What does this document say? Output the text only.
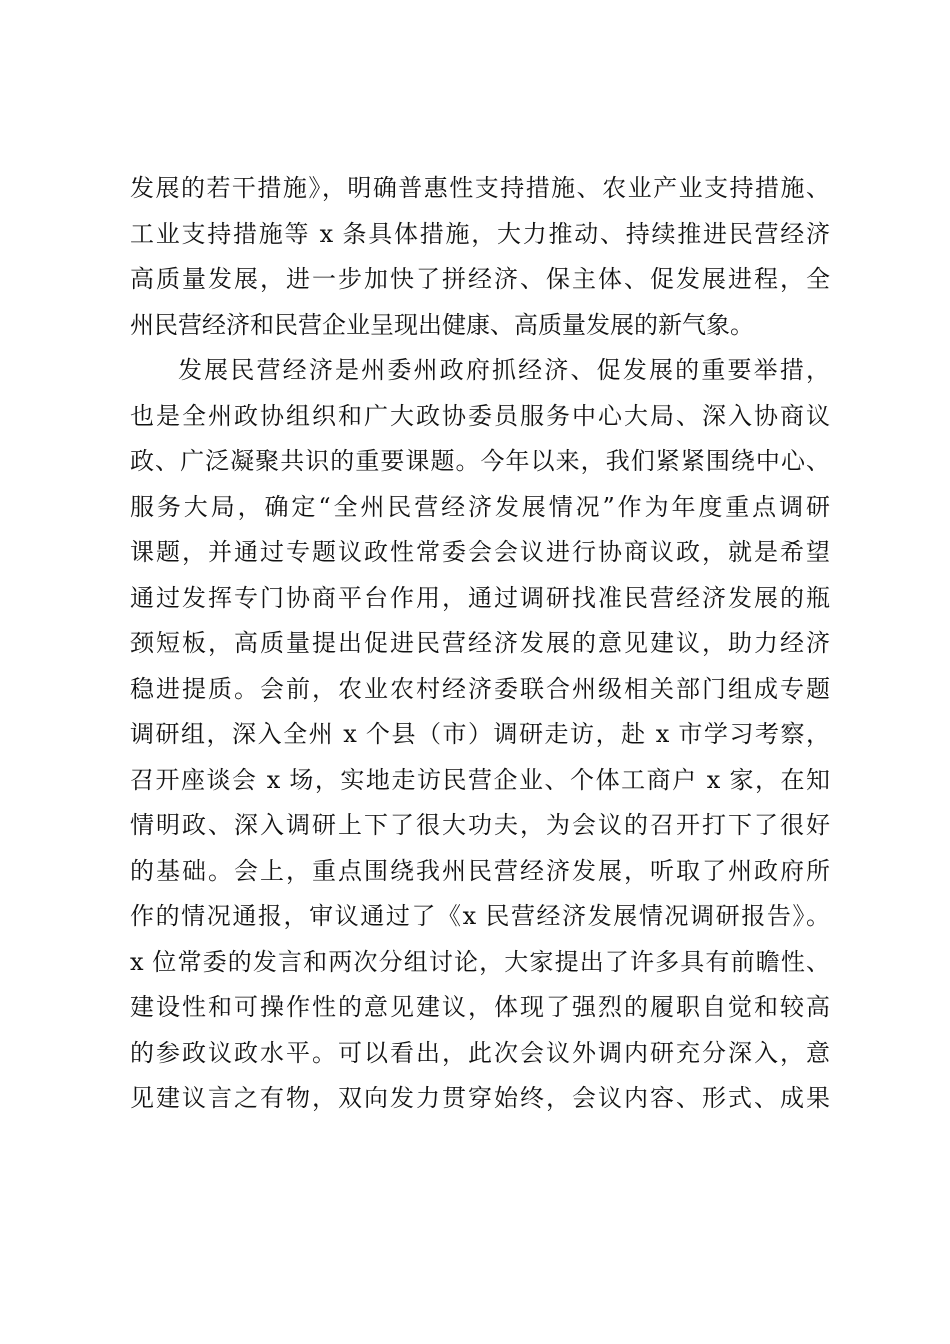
发展的若干措施》，明确普惠性支持措施、农业产业支持措施、
工业支持措施等 x 条具体措施，大力推动、持续推进民营经济
高质量发展，进一步加快了拼经济、保主体、促发展进程，全
州民营经济和民营企业呈现出健康、高质量发展的新气象。
发展民营经济是州委州政府抓经济、促发展的重要举措，
也是全州政协组织和广大政协委员服务中心大局、深入协商议
政、广泛凝聚共识的重要课题。今年以来，我们紧紧围绕中心、
服务大局，确定“全州民营经济发展情况”作为年度重点调研
课题，并通过专题议政性常委会会议进行协商议政，就是希望
通过发挥专门协商平台作用，通过调研找准民营经济发展的瓶
颈短板，高质量提出促进民营经济发展的意见建议，助力经济
稳进提质。会前，农业农村经济委联合州级相关部门组成专题
调研组，深入全州 x 个县（市）调研走访，赴 x 市学习考察，
召开座谈会 x 场，实地走访民营企业、个体工商户 x 家，在知
情明政、深入调研上下了很大功夫，为会议的召开打下了很好
的基础。会上，重点围绕我州民营经济发展，听取了州政府所
作的情况通报，审议通过了《x 民营经济发展情况调研报告》。
x 位常委的发言和两次分组讨论，大家提出了许多具有前瞻性、
建设性和可操作性的意见建议，体现了强烈的履职自觉和较高
的参政议政水平。可以看出，此次会议外调内研充分深入，意
见建议言之有物，双向发力贯穿始终，会议内容、形式、成果
